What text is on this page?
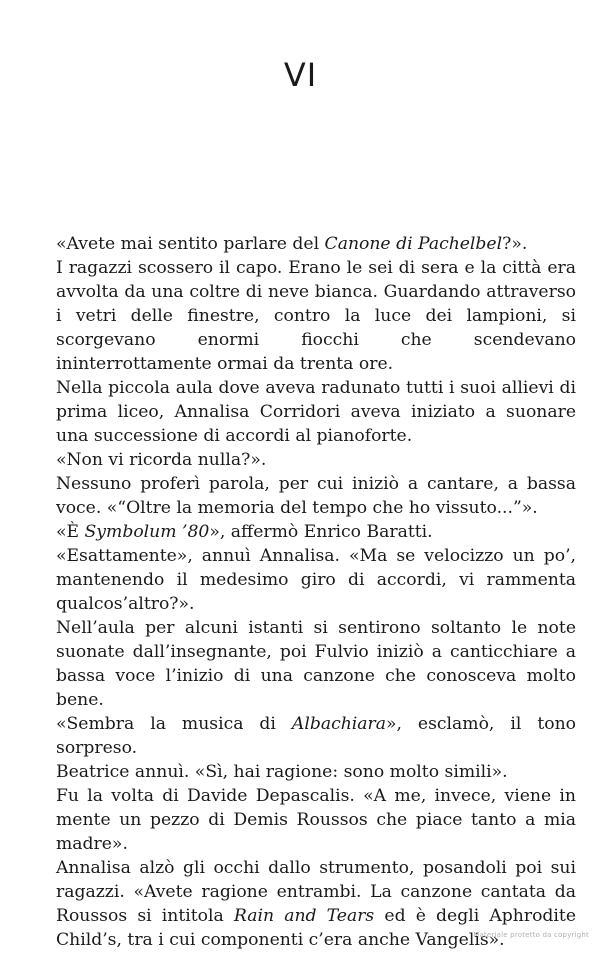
VI

«Avete mai sentito parlare del Canone di Pachelbel?».

I ragazzi scossero il capo. Erano le sei di sera e la città era avvolta da una coltre di neve bianca. Guardando attraverso i vetri delle finestre, contro la luce dei lampioni, si scorgevano enormi fiocchi che scendevano ininterrottamente ormai da trenta ore.

Nella piccola aula dove aveva radunato tutti i suoi allievi di prima liceo, Annalisa Corridori aveva iniziato a suonare una successione di accordi al pianoforte.

«Non vi ricorda nulla?».

Nessuno proferì parola, per cui iniziò a cantare, a bassa voce. «“Oltre la memoria del tempo che ho vissuto...”».

«È Symbolum ’80», affermò Enrico Baratti.

«Esattamente», annuì Annalisa. «Ma se velocizzo un po’, mantenendo il medesimo giro di accordi, vi rammenta qualcos’altro?».

Nell’aula per alcuni istanti si sentirono soltanto le note suonate dall’insegnante, poi Fulvio iniziò a canticchiare a bassa voce l’inizio di una canzone che conosceva molto bene.

«Sembra la musica di Albachiara», esclamò, il tono sorpreso.

Beatrice annuì. «Sì, hai ragione: sono molto simili».

Fu la volta di Davide Depascalis. «A me, invece, viene in mente un pezzo di Demis Roussos che piace tanto a mia madre».

Annalisa alzò gli occhi dallo strumento, posandoli poi sui ragazzi. «Avete ragione entrambi. La canzone cantata da Roussos si intitola Rain and Tears ed è degli Aphrodite Child’s, tra i cui componenti c’era anche Vangelis».

Materiale protetto da copyright
